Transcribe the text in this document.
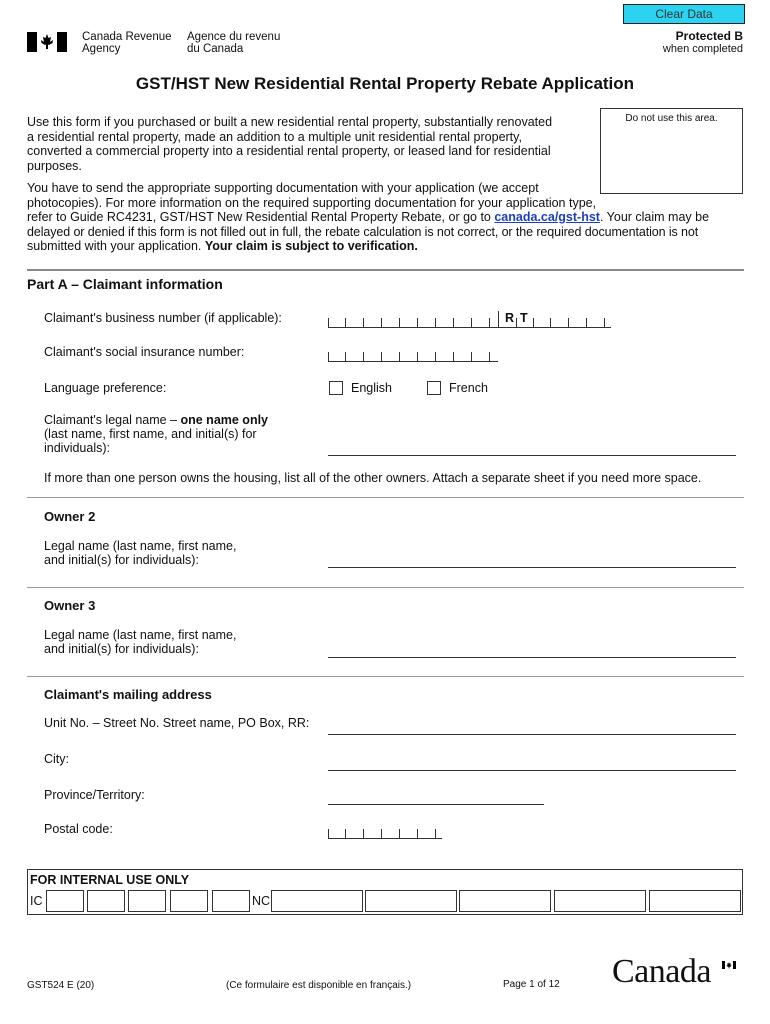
Clear Data
Canada Revenue
Agency
Agence du revenu
du Canada
Protected B
when completed
GST/HST New Residential Rental Property Rebate Application
Do not use this area.
Use this form if you purchased or built a new residential rental property, substantially renovated
a residential rental property, made an addition to a multiple unit residential rental property,
converted a commercial property into a residential rental property, or leased land for residential
purposes.
You have to send the appropriate supporting documentation with your application (we accept
photocopies). For more information on the required supporting documentation for your application type,
refer to Guide RC4231, GST/HST New Residential Rental Property Rebate, or go to canada.ca/gst-hst. Your claim may be
delayed or denied if this form is not filled out in full, the rebate calculation is not correct, or the required documentation is not
submitted with your application. Your claim is subject to verification.
Part A – Claimant information
Claimant's business number (if applicable):	R T
Claimant's social insurance number:
Language preference:	English	French
Claimant's legal name – one name only
(last name, first name, and initial(s) for
individuals):
If more than one person owns the housing, list all of the other owners. Attach a separate sheet if you need more space.
Owner 2
Legal name (last name, first name,
and initial(s) for individuals):
Owner 3
Legal name (last name, first name,
and initial(s) for individuals):
Claimant's mailing address
Unit No. – Street No. Street name, PO Box, RR:
City:
Province/Territory:
Postal code:
FOR INTERNAL USE ONLY
IC	NC
GST524 E (20)	(Ce formulaire est disponible en français.)	Page 1 of 12 Canada
